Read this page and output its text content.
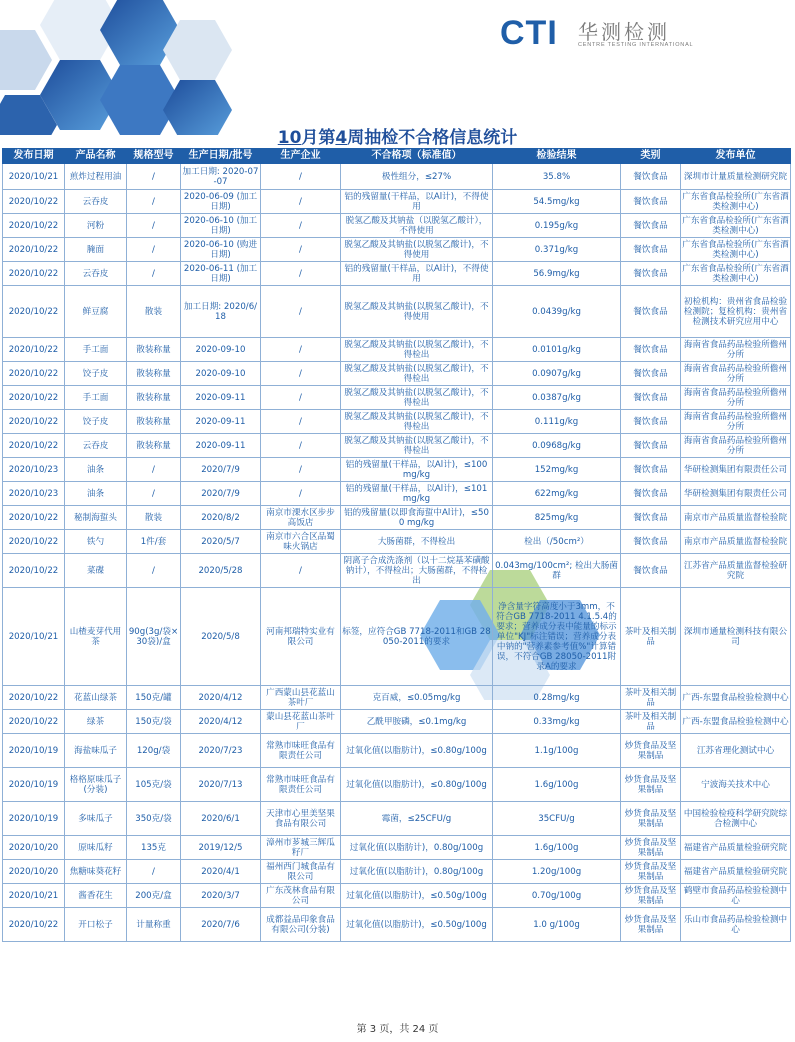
CTI 华测检测
CENTRE TESTING INTERNATIONAL
10月第4周抽检不合格信息统计
发布日期	产品名称	规格型号	生产日期/批号	生产企业	不合格项（标准值）	检验结果	类别	发布单位
2020/10/21	煎炸过程用油	/	加工日期: 2020-07-07	/	极性组分，≤27%	35.8%	餐饮食品	深圳市计量质量检测研究院
2020/10/22	云吞皮	/	2020-06-09 (加工日期)	/	铝的残留量(干样品，以Al计)，不得使用	54.5mg/kg	餐饮食品	广东省食品检验所(广东省酒类检测中心)
2020/10/22	河粉	/	2020-06-10 (加工日期)	/	脱氢乙酸及其钠盐（以脱氢乙酸计），不得使用	0.195g/kg	餐饮食品	广东省食品检验所(广东省酒类检测中心)
2020/10/22	腌面	/	2020-06-10 (购进日期)	/	脱氢乙酸及其钠盐(以脱氢乙酸计)，不得使用	0.371g/kg	餐饮食品	广东省食品检验所(广东省酒类检测中心)
2020/10/22	云吞皮	/	2020-06-11 (加工日期)	/	铝的残留量(干样品，以Al计)，不得使用	56.9mg/kg	餐饮食品	广东省食品检验所(广东省酒类检测中心)
2020/10/22	鲜豆腐	散装	加工日期: 2020/6/18	/	脱氢乙酸及其钠盐(以脱氢乙酸计)，不得使用	0.0439g/kg	餐饮食品	初检机构：贵州省食品检验检测院；复检机构：贵州省检测技术研究应用中心
2020/10/22	手工面	散装称量	2020-09-10	/	脱氢乙酸及其钠盐(以脱氢乙酸计)，不得检出	0.0101g/kg	餐饮食品	海南省食品药品检验所儋州分所
2020/10/22	饺子皮	散装称量	2020-09-10	/	脱氢乙酸及其钠盐(以脱氢乙酸计)，不得检出	0.0907g/kg	餐饮食品	海南省食品药品检验所儋州分所
2020/10/22	手工面	散装称量	2020-09-11	/	脱氢乙酸及其钠盐(以脱氢乙酸计)，不得检出	0.0387g/kg	餐饮食品	海南省食品药品检验所儋州分所
2020/10/22	饺子皮	散装称量	2020-09-11	/	脱氢乙酸及其钠盐(以脱氢乙酸计)，不得检出	0.111g/kg	餐饮食品	海南省食品药品检验所儋州分所
2020/10/22	云吞皮	散装称量	2020-09-11	/	脱氢乙酸及其钠盐(以脱氢乙酸计)，不得检出	0.0968g/kg	餐饮食品	海南省食品药品检验所儋州分所
2020/10/23	油条	/	2020/7/9	/	铝的残留量(干样品，以Al计)，≤100mg/kg	152mg/kg	餐饮食品	华研检测集团有限责任公司
2020/10/23	油条	/	2020/7/9	/	铝的残留量(干样品，以Al计)，≤101mg/kg	622mg/kg	餐饮食品	华研检测集团有限责任公司
2020/10/22	秘制海蜇头	散装	2020/8/2	南京市溧水区步步高饭店	铝的残留量(以即食海蜇中Al计)，≤500 mg/kg	825mg/kg	餐饮食品	南京市产品质量监督检验院
2020/10/22	铁勺	1件/套	2020/5/7	南京市六合区品蜀味火锅店	大肠菌群，不得检出	检出（/50cm²）	餐饮食品	南京市产品质量监督检验院
2020/10/22	菜碟	/	2020/5/28	/	阴离子合成洗涤剂（以十二烷基苯磺酸钠计），不得检出；大肠菌群，不得检出	0.043mg/100cm²; 检出大肠菌群	餐饮食品	江苏省产品质量监督检验研究院
2020/10/21	山楂麦芽代用茶	90g(3g/袋×30袋)/盒	2020/5/8	河南邦瑞特实业有限公司	标签，应符合GB 7718-2011和GB 28050-2011的要求	净含量字符高度小于3mm，不符合GB 7718-2011 4.1.5.4的要求；营养成分表中能量的标示单位"KJ"标注错误；营养成分表中钠的"营养素参考值%"计算错误，不符合GB 28050-2011附录A的要求	茶叶及相关制品	深圳市通量检测科技有限公司
2020/10/22	花蓝山绿茶	150克/罐	2020/4/12	广西蒙山县花蓝山茶叶厂	克百威，≤0.05mg/kg	0.28mg/kg	茶叶及相关制品	广西-东盟食品检验检测中心
2020/10/22	绿茶	150克/袋	2020/4/12	蒙山县花蓝山茶叶厂	乙酰甲胺磷，≤0.1mg/kg	0.33mg/kg	茶叶及相关制品	广西-东盟食品检验检测中心
2020/10/19	海盐味瓜子	120g/袋	2020/7/23	常熟市味旺食品有限责任公司	过氧化值(以脂肪计)，≤0.80g/100g	1.1g/100g	炒货食品及坚果制品	江苏省理化测试中心
2020/10/19	格格原味瓜子(分装)	105克/袋	2020/7/13	常熟市味旺食品有限责任公司	过氧化值(以脂肪计)，≤0.80g/100g	1.6g/100g	炒货食品及坚果制品	宁波海关技术中心
2020/10/19	多味瓜子	350克/袋	2020/6/1	天津市心里美坚果食品有限公司	霉菌，≤25CFU/g	35CFU/g	炒货食品及坚果制品	中国检验检疫科学研究院综合检测中心
2020/10/20	原味瓜籽	135克	2019/12/5	漳州市芗城三辉瓜籽厂	过氧化值(以脂肪计)，0.80g/100g	1.6g/100g	炒货食品及坚果制品	福建省产品质量检验研究院
2020/10/20	焦糖味葵花籽	/	2020/4/1	福州西门城食品有限公司	过氧化值(以脂肪计)，0.80g/100g	1.20g/100g	炒货食品及坚果制品	福建省产品质量检验研究院
2020/10/21	酱香花生	200克/盒	2020/3/7	广东茂林食品有限公司	过氧化值(以脂肪计)，≤0.50g/100g	0.70g/100g	炒货食品及坚果制品	鹤壁市食品药品检验检测中心
2020/10/22	开口松子	计量称重	2020/7/6	成都益品印象食品有限公司(分装)	过氧化值(以脂肪计)，≤0.50g/100g	1.0 g/100g	炒货食品及坚果制品	乐山市食品药品检验检测中心
第 3 页，共 24 页
